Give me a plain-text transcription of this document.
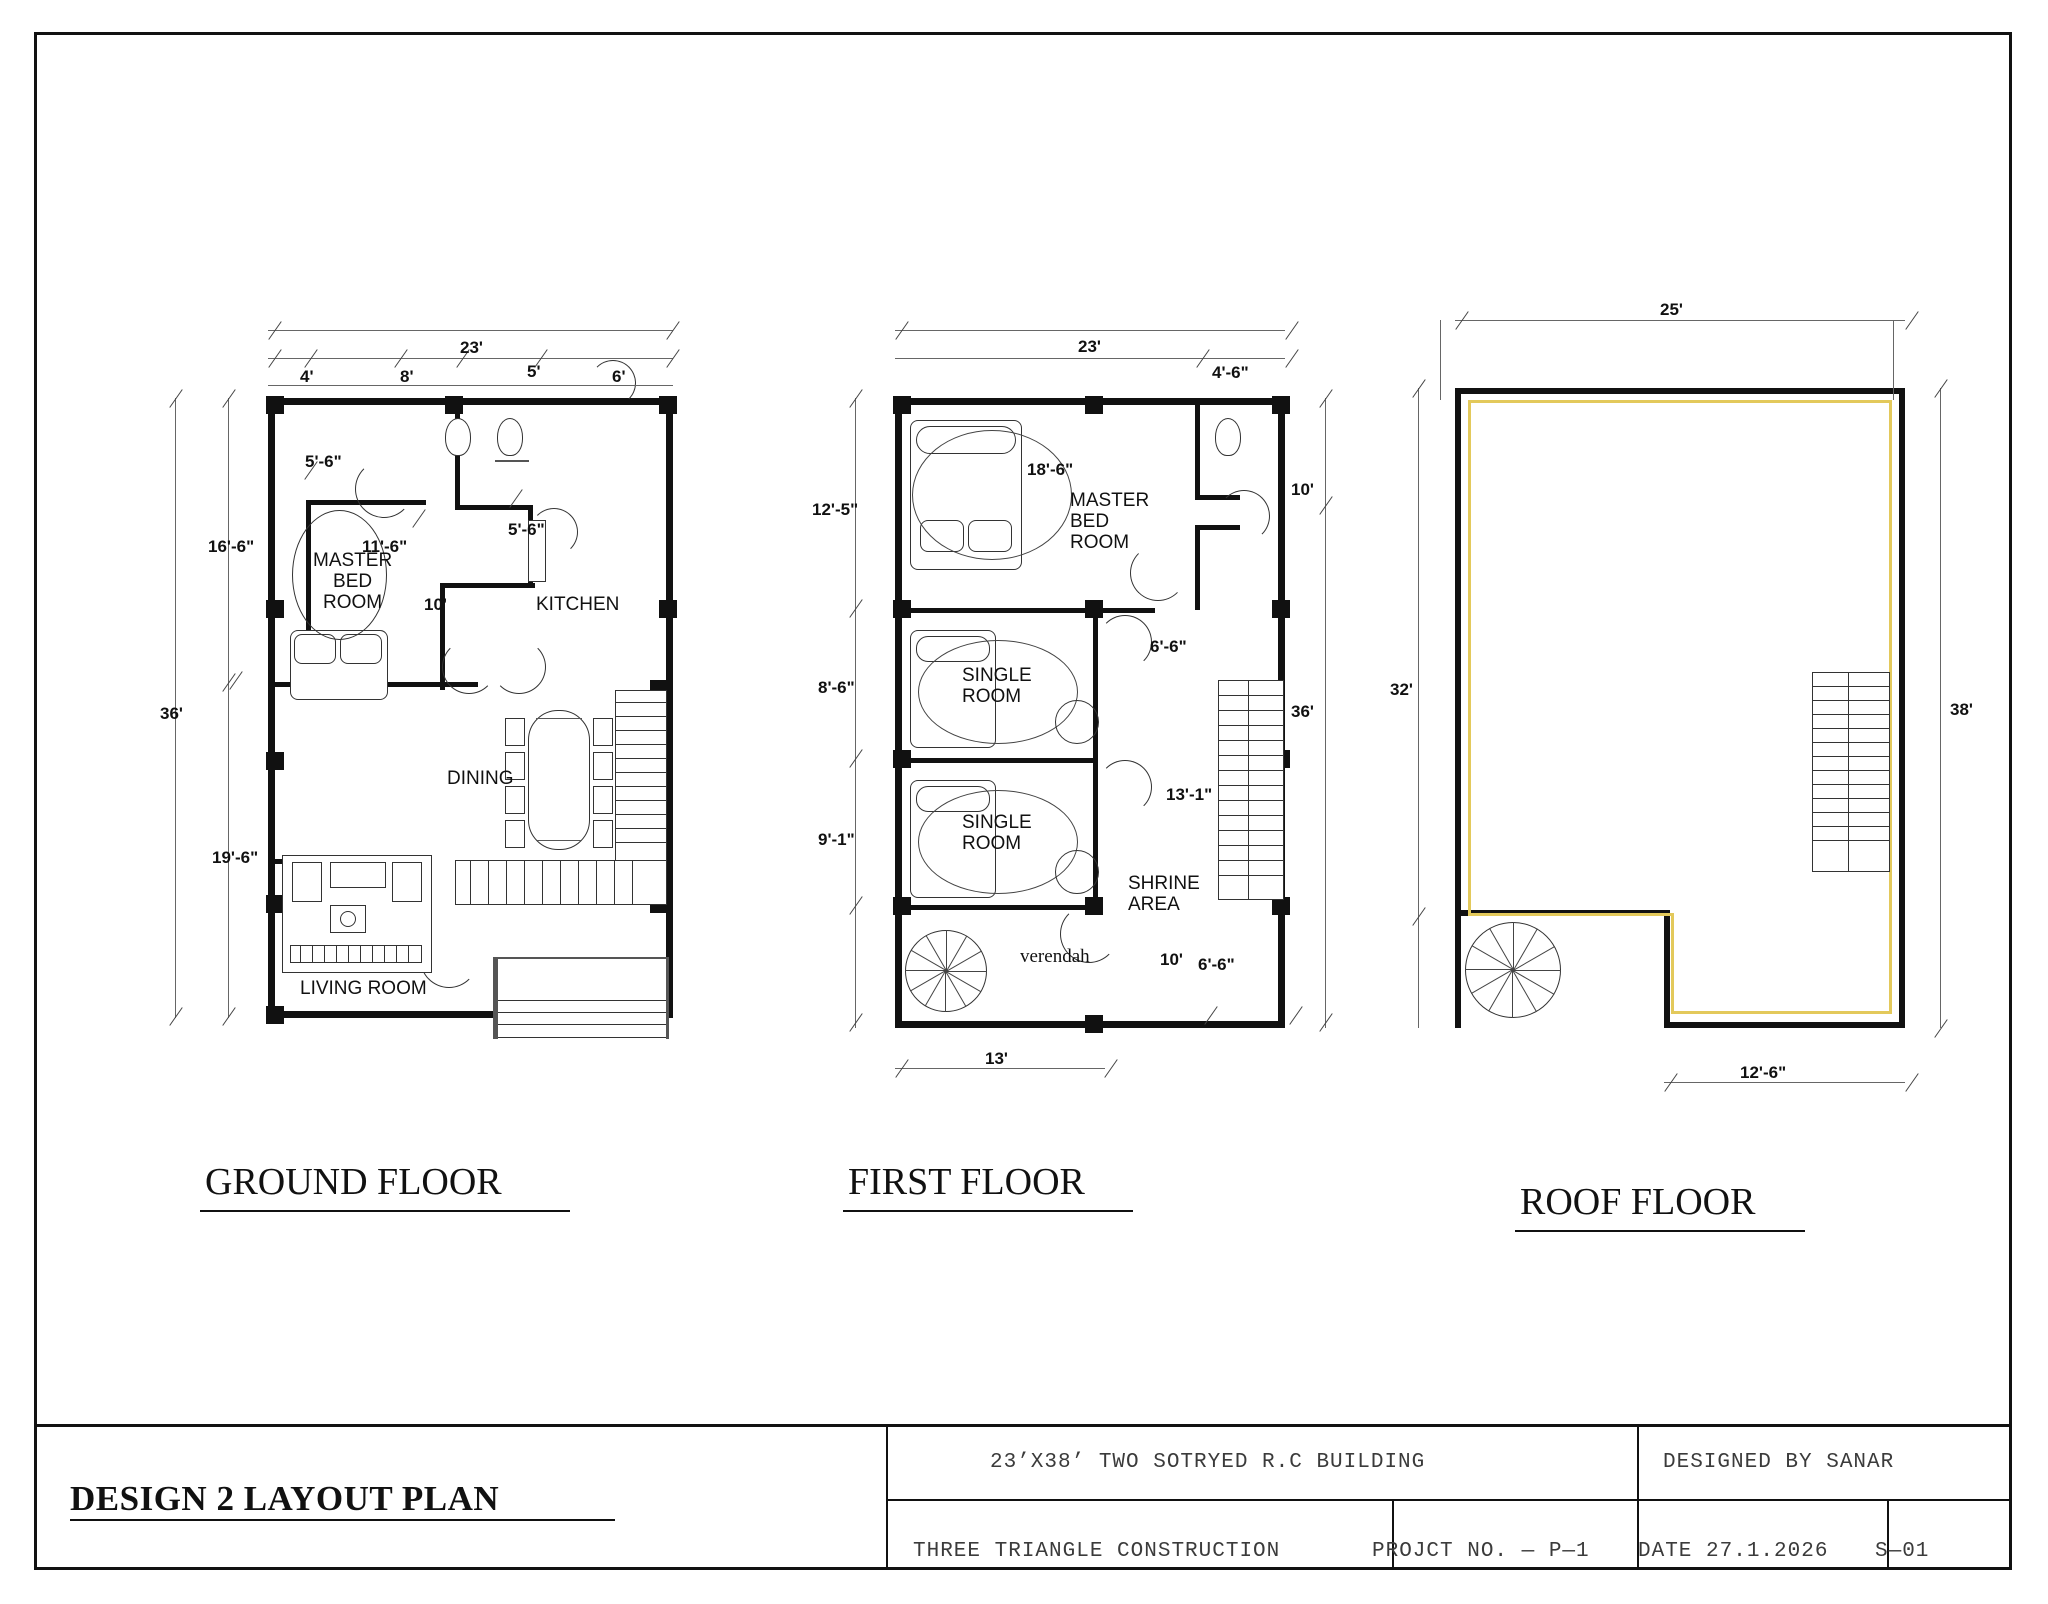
23'
4'	8'	5'	6'
36'
16'-6"
19'-6"
5'-6"
5'-6"
11'-6"
10'
MASTER
BED
ROOM	KITCHEN
DINING
LIVING ROOM
GROUND FLOOR
23'
4'-6"
10'
36'
12'-5"
8'-6"
9'-1"
13'
18'-6"
6'-6"
13'-1"
10' 6'-6"
MASTER
BED
ROOM
SINGLE
ROOM
SINGLE
ROOM
SHRINE
AREA
verendah
FIRST FLOOR
25'
32'
38'
12'-6"
ROOF FLOOR
DESIGN 2 LAYOUT PLAN
23’X38’ TWO SOTRYED R.C BUILDING
THREE TRIANGLE CONSTRUCTION	PROJCT NO. — P—1
DESIGNED BY SANAR
DATE 27.1.2026 S—01
